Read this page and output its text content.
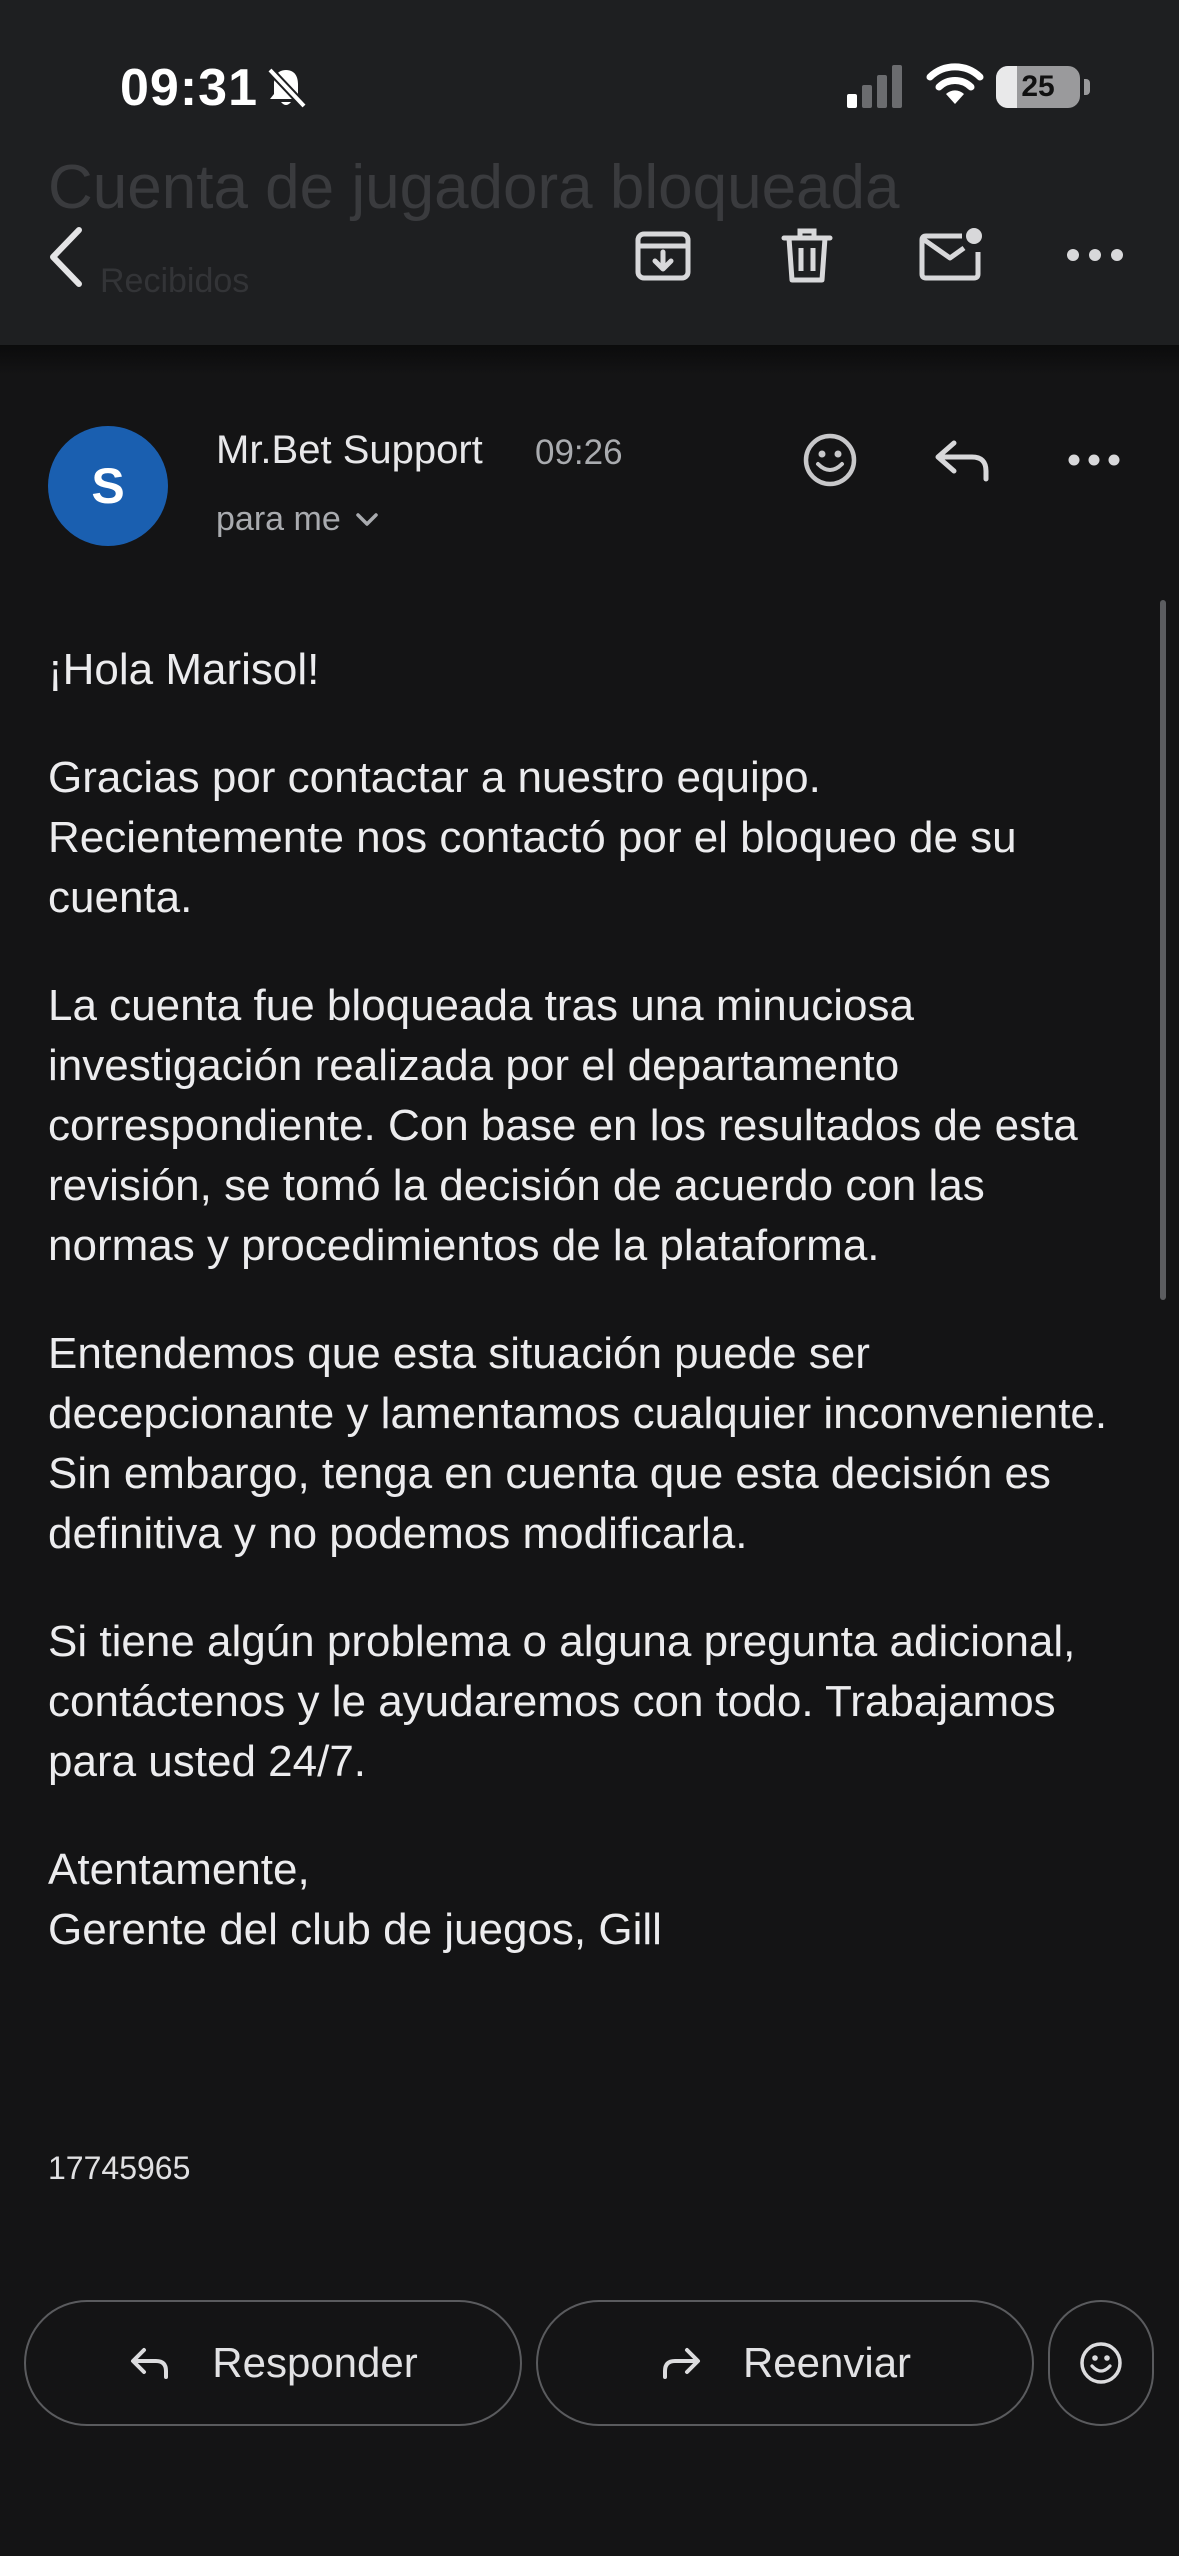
09:31	25
Cuenta de jugadora bloqueada
Recibidos
S
Mr.Bet Support 09:26
para me

¡Hola Marisol!

Gracias por contactar a nuestro equipo. Recientemente nos contactó por el bloqueo de su cuenta.

La cuenta fue bloqueada tras una minuciosa investigación realizada por el departamento correspondiente. Con base en los resultados de esta revisión, se tomó la decisión de acuerdo con las normas y procedimientos de la plataforma.

Entendemos que esta situación puede ser decepcionante y lamentamos cualquier inconveniente. Sin embargo, tenga en cuenta que esta decisión es definitiva y no podemos modificarla.

Si tiene algún problema o alguna pregunta adicional, contáctenos y le ayudaremos con todo. Trabajamos para usted 24/7.

Atentamente,
Gerente del club de juegos, Gill

17745965
Responder	Reenviar
